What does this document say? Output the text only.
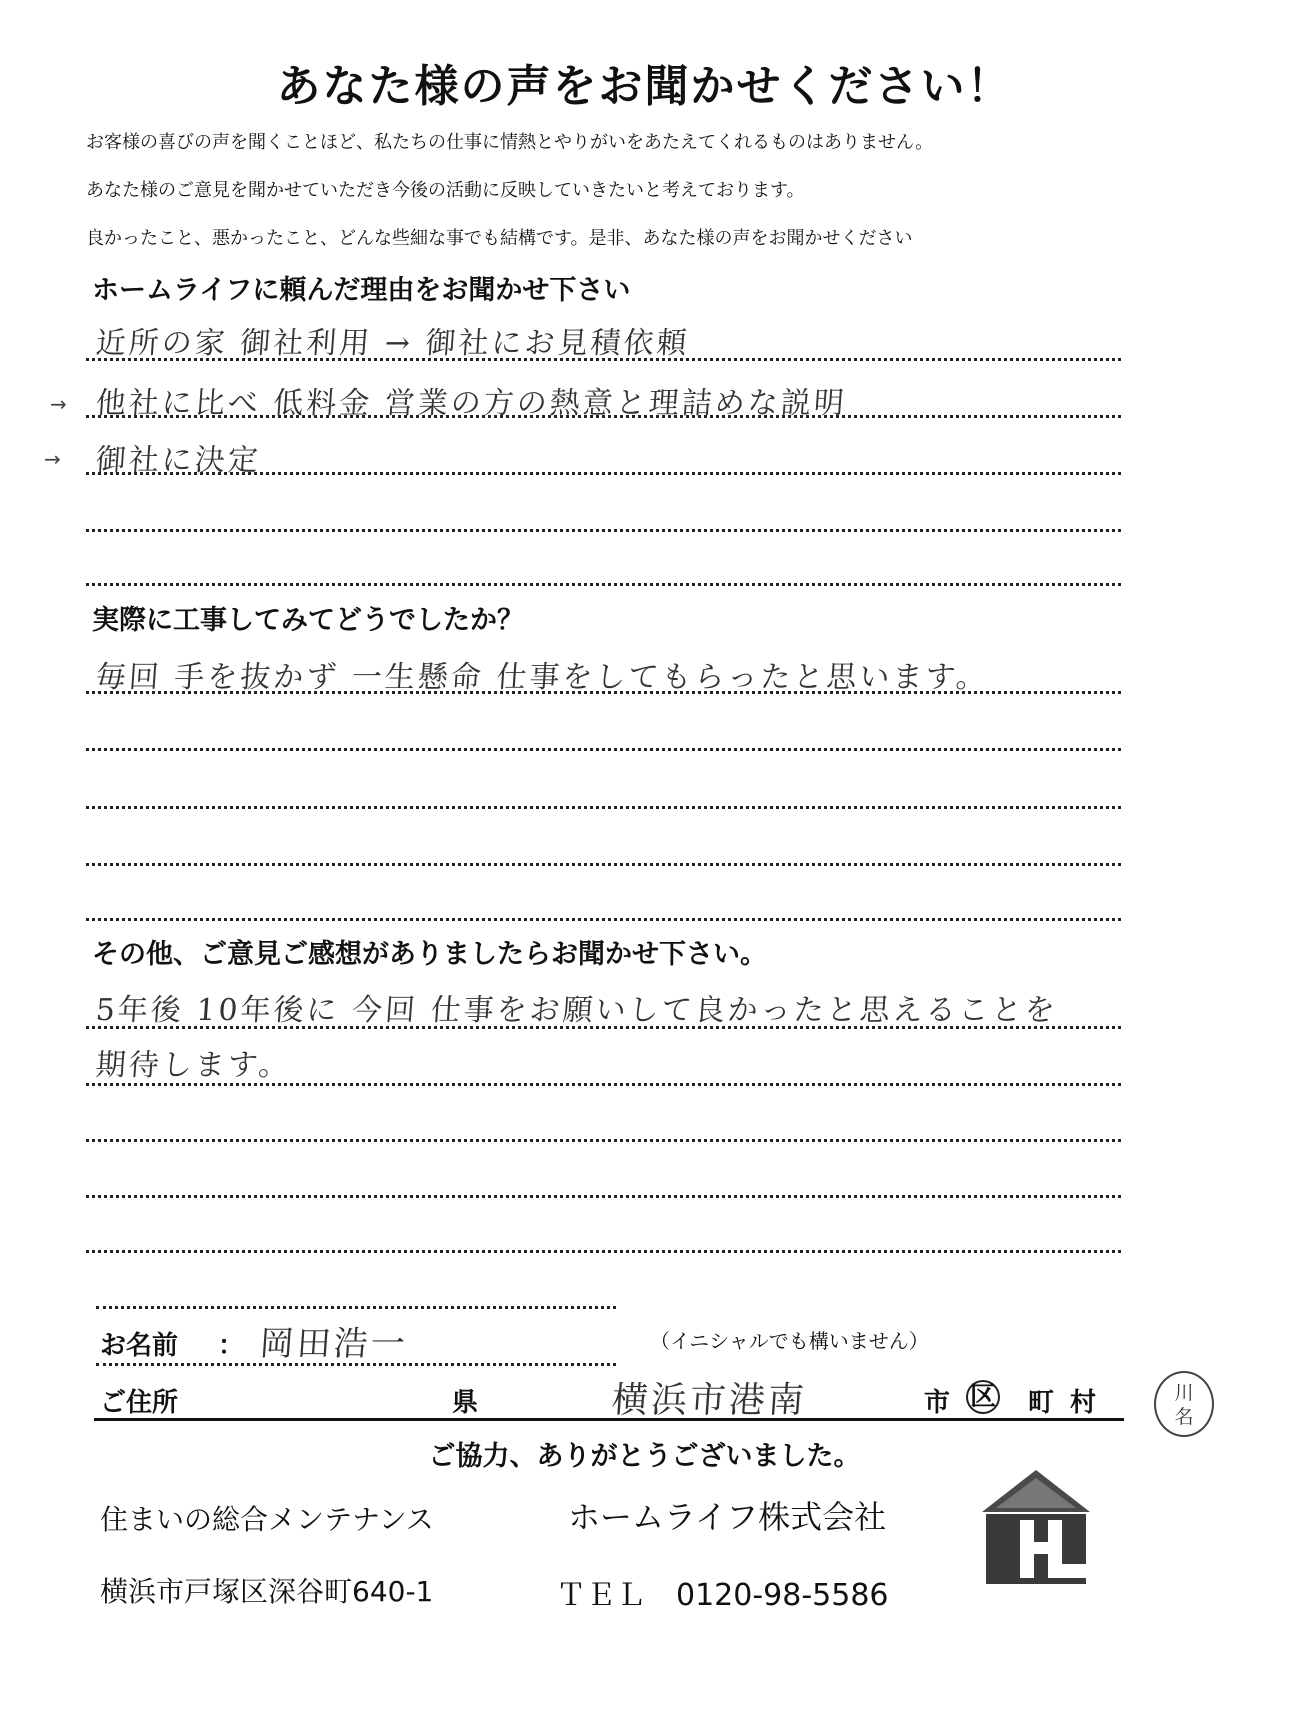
あなた様の声をお聞かせください！
お客様の喜びの声を聞くことほど、私たちの仕事に情熱とやりがいをあたえてくれるものはありません。
あなた様のご意見を聞かせていただき今後の活動に反映していきたいと考えております。
良かったこと、悪かったこと、どんな些細な事でも結構です。是非、あなた様の声をお聞かせください
ホームライフに頼んだ理由をお聞かせ下さい
近所の家 御社利用 → 御社にお見積依頼
→ 他社に比べ 低料金 営業の方の熱意と理詰めな説明
→ 御社に決定
実際に工事してみてどうでしたか？
毎回 手を抜かず 一生懸命 仕事をしてもらったと思います。
その他、ご意見ご感想がありましたらお聞かせ下さい。
5年後 10年後に 今回 仕事をお願いして良かったと思えることを
期待します。
お名前 ： 岡田浩一	（イニシャルでも構いません）
ご住所	県	横浜市港南	市 区 町 村	川名
ご協力、ありがとうございました。
住まいの総合メンテナンス	ホームライフ株式会社
横浜市戸塚区深谷町640-1	ＴＥＬ　0120-98-5586
